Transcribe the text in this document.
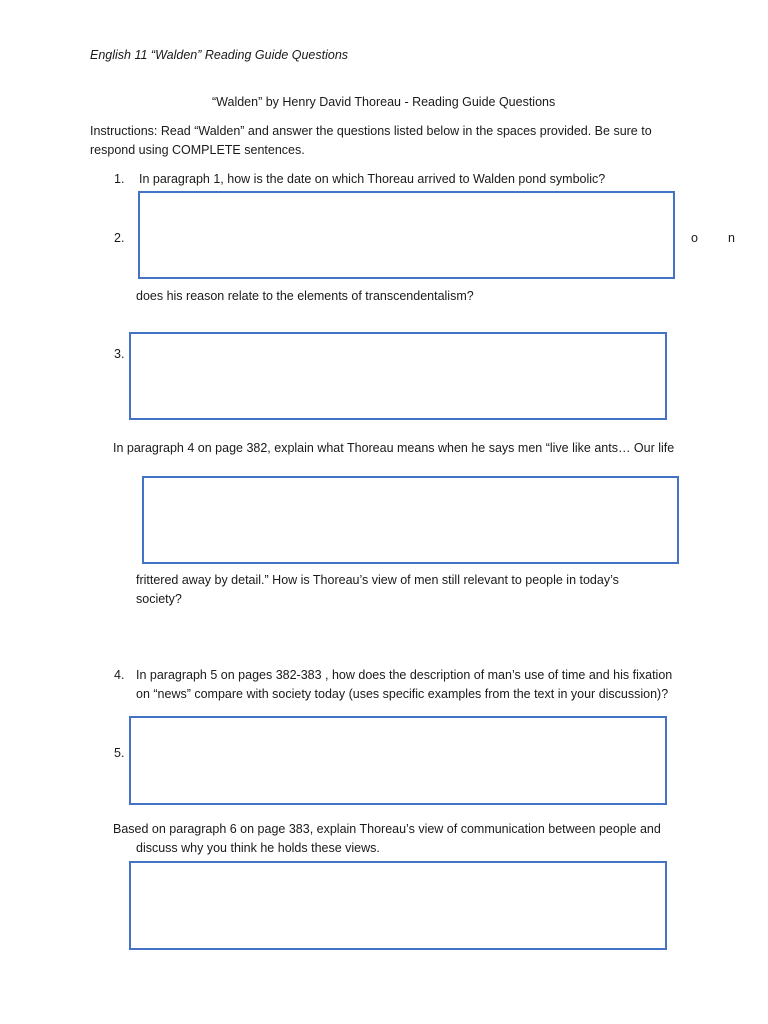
English 11 “Walden” Reading Guide Questions
“Walden” by Henry David Thoreau - Reading Guide Questions
Instructions: Read “Walden” and answer the questions listed below in the spaces provided. Be sure to
respond using COMPLETE sentences.
1. In paragraph 1, how is the date on which Thoreau arrived to Walden pond symbolic?
2.	o n
does his reason relate to the elements of transcendentalism?
3.
In paragraph 4 on page 382, explain what Thoreau means when he says men “live like ants… Our life
frittered away by detail.” How is Thoreau’s view of men still relevant to people in today’s
society?
4. In paragraph 5 on pages 382-383 , how does the description of man’s use of time and his fixation
on “news” compare with society today (uses specific examples from the text in your discussion)?
5.
Based on paragraph 6 on page 383, explain Thoreau’s view of communication between people and
discuss why you think he holds these views.
